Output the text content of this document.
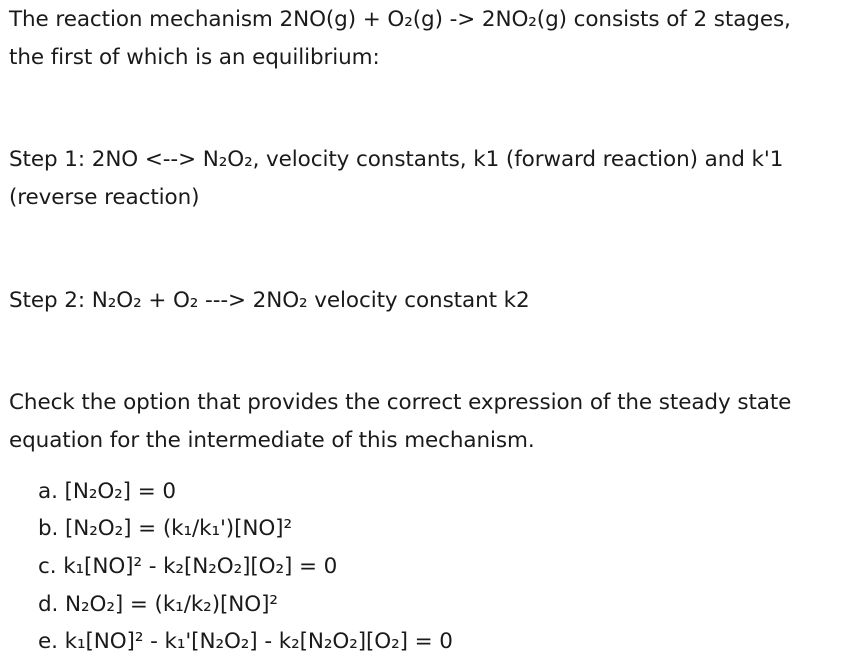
The reaction mechanism 2NO(g) + O₂(g) -> 2NO₂(g) consists of 2 stages,
the first of which is an equilibrium:
Step 1: 2NO <--> N₂O₂, velocity constants, k1 (forward reaction) and k'1
(reverse reaction)
Step 2: N₂O₂ + O₂ ---> 2NO₂ velocity constant k2
Check the option that provides the correct expression of the steady state
equation for the intermediate of this mechanism.
a. [N₂O₂] = 0
b. [N₂O₂] = (k₁/k₁')[NO]²
c. k₁[NO]² - k₂[N₂O₂][O₂] = 0
d. N₂O₂] = (k₁/k₂)[NO]²
e. k₁[NO]² - k₁'[N₂O₂] - k₂[N₂O₂][O₂] = 0
